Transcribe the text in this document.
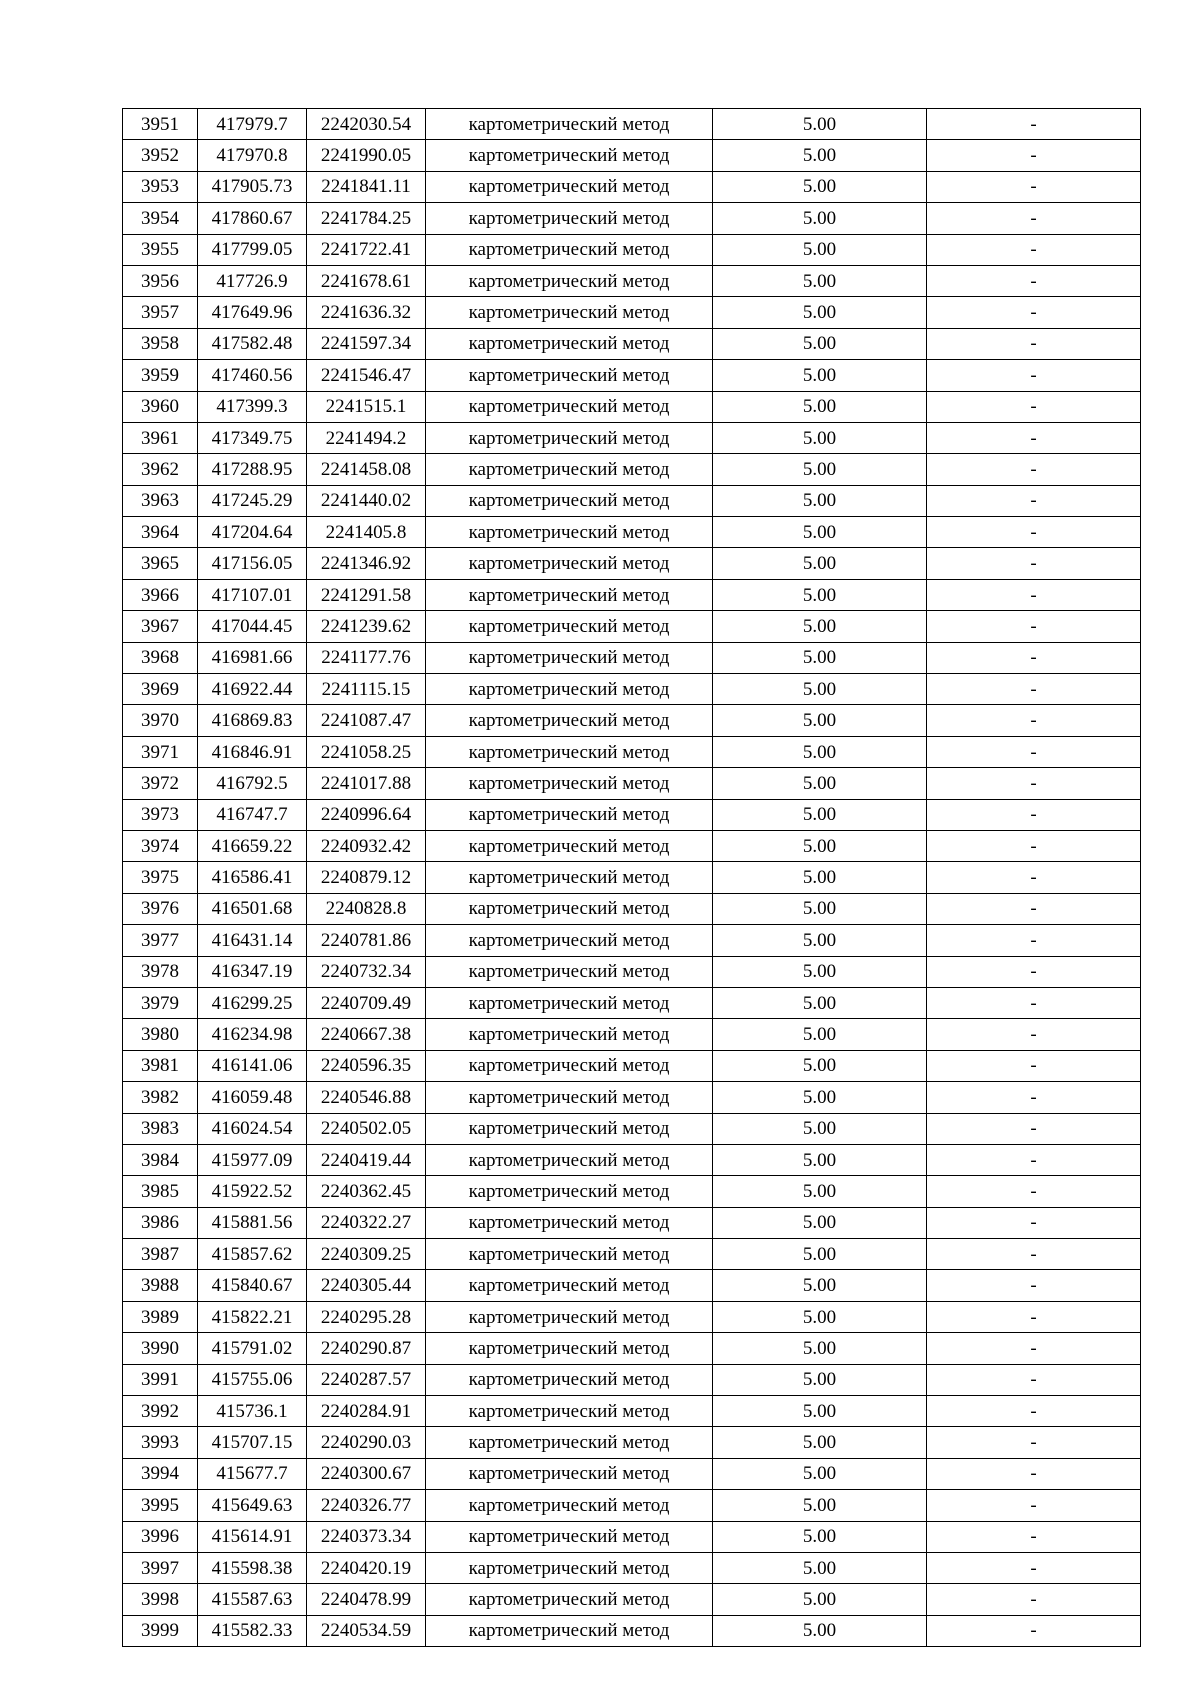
3951	417979.7	2242030.54	картометрический метод	5.00	-
3952	417970.8	2241990.05	картометрический метод	5.00	-
3953	417905.73	2241841.11	картометрический метод	5.00	-
3954	417860.67	2241784.25	картометрический метод	5.00	-
3955	417799.05	2241722.41	картометрический метод	5.00	-
3956	417726.9	2241678.61	картометрический метод	5.00	-
3957	417649.96	2241636.32	картометрический метод	5.00	-
3958	417582.48	2241597.34	картометрический метод	5.00	-
3959	417460.56	2241546.47	картометрический метод	5.00	-
3960	417399.3	2241515.1	картометрический метод	5.00	-
3961	417349.75	2241494.2	картометрический метод	5.00	-
3962	417288.95	2241458.08	картометрический метод	5.00	-
3963	417245.29	2241440.02	картометрический метод	5.00	-
3964	417204.64	2241405.8	картометрический метод	5.00	-
3965	417156.05	2241346.92	картометрический метод	5.00	-
3966	417107.01	2241291.58	картометрический метод	5.00	-
3967	417044.45	2241239.62	картометрический метод	5.00	-
3968	416981.66	2241177.76	картометрический метод	5.00	-
3969	416922.44	2241115.15	картометрический метод	5.00	-
3970	416869.83	2241087.47	картометрический метод	5.00	-
3971	416846.91	2241058.25	картометрический метод	5.00	-
3972	416792.5	2241017.88	картометрический метод	5.00	-
3973	416747.7	2240996.64	картометрический метод	5.00	-
3974	416659.22	2240932.42	картометрический метод	5.00	-
3975	416586.41	2240879.12	картометрический метод	5.00	-
3976	416501.68	2240828.8	картометрический метод	5.00	-
3977	416431.14	2240781.86	картометрический метод	5.00	-
3978	416347.19	2240732.34	картометрический метод	5.00	-
3979	416299.25	2240709.49	картометрический метод	5.00	-
3980	416234.98	2240667.38	картометрический метод	5.00	-
3981	416141.06	2240596.35	картометрический метод	5.00	-
3982	416059.48	2240546.88	картометрический метод	5.00	-
3983	416024.54	2240502.05	картометрический метод	5.00	-
3984	415977.09	2240419.44	картометрический метод	5.00	-
3985	415922.52	2240362.45	картометрический метод	5.00	-
3986	415881.56	2240322.27	картометрический метод	5.00	-
3987	415857.62	2240309.25	картометрический метод	5.00	-
3988	415840.67	2240305.44	картометрический метод	5.00	-
3989	415822.21	2240295.28	картометрический метод	5.00	-
3990	415791.02	2240290.87	картометрический метод	5.00	-
3991	415755.06	2240287.57	картометрический метод	5.00	-
3992	415736.1	2240284.91	картометрический метод	5.00	-
3993	415707.15	2240290.03	картометрический метод	5.00	-
3994	415677.7	2240300.67	картометрический метод	5.00	-
3995	415649.63	2240326.77	картометрический метод	5.00	-
3996	415614.91	2240373.34	картометрический метод	5.00	-
3997	415598.38	2240420.19	картометрический метод	5.00	-
3998	415587.63	2240478.99	картометрический метод	5.00	-
3999	415582.33	2240534.59	картометрический метод	5.00	-
